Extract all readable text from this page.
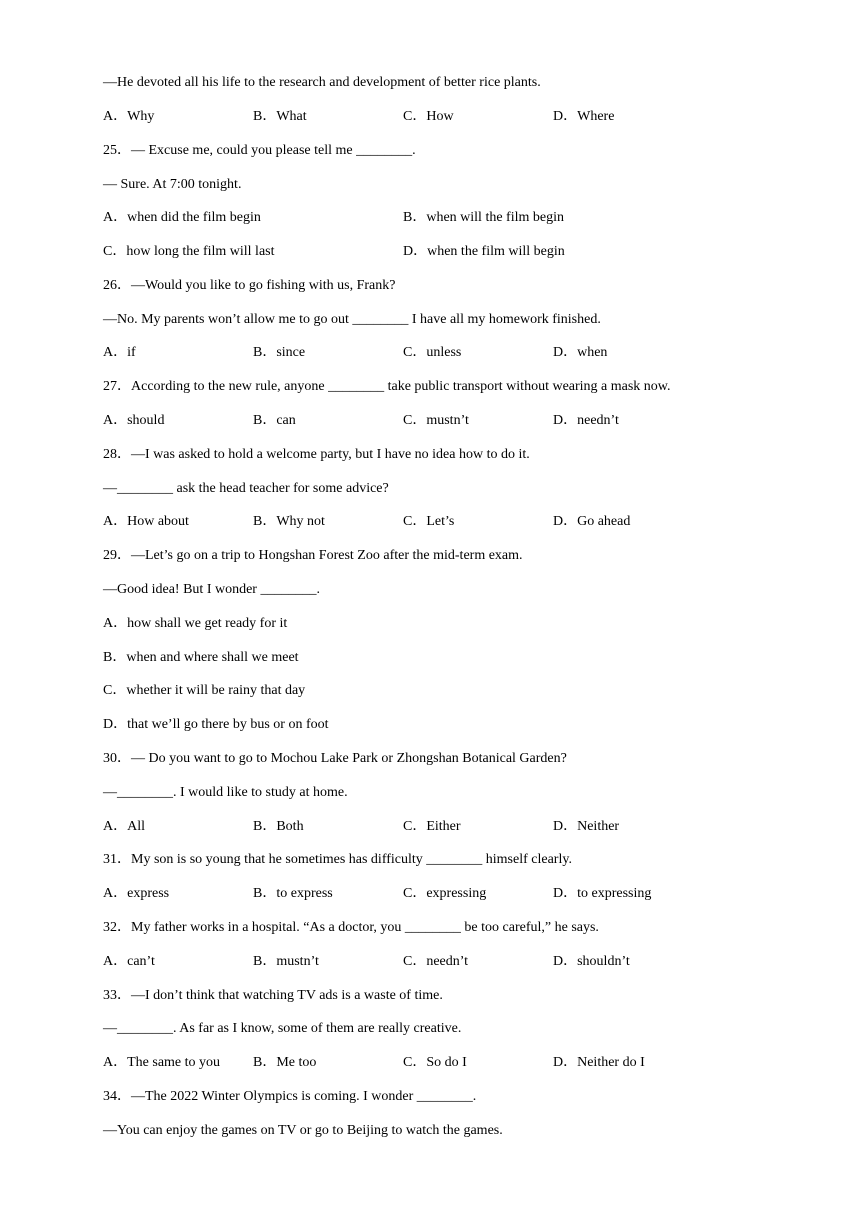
—He devoted all his life to the research and development of better rice plants.
A．Why	B．What	C．How	D．Where
25．— Excuse me, could you please tell me ________.
— Sure. At 7:00 tonight.
A．when did the film begin	B．when will the film begin
C．how long the film will last	D．when the film will begin
26．—Would you like to go fishing with us, Frank?
—No. My parents won’t allow me to go out ________ I have all my homework finished.
A．if	B．since	C．unless	D．when
27．According to the new rule, anyone ________ take public transport without wearing a mask now.
A．should	B．can	C．mustn’t	D．needn’t
28．—I was asked to hold a welcome party, but I have no idea how to do it.
—________ ask the head teacher for some advice?
A．How about	B．Why not	C．Let’s	D．Go ahead
29．—Let’s go on a trip to Hongshan Forest Zoo after the mid-term exam.
—Good idea! But I wonder ________.
A．how shall we get ready for it
B．when and where shall we meet
C．whether it will be rainy that day
D．that we’ll go there by bus or on foot
30．— Do you want to go to Mochou Lake Park or Zhongshan Botanical Garden?
—________. I would like to study at home.
A．All	B．Both	C．Either	D．Neither
31．My son is so young that he sometimes has difficulty ________ himself clearly.
A．express	B．to express	C．expressing	D．to expressing
32．My father works in a hospital. “As a doctor, you ________ be too careful,” he says.
A．can’t	B．mustn’t	C．needn’t	D．shouldn’t
33．—I don’t think that watching TV ads is a waste of time.
—________. As far as I know, some of them are really creative.
A．The same to you B．Me too	C．So do I	D．Neither do I
34．—The 2022 Winter Olympics is coming. I wonder ________.
—You can enjoy the games on TV or go to Beijing to watch the games.
